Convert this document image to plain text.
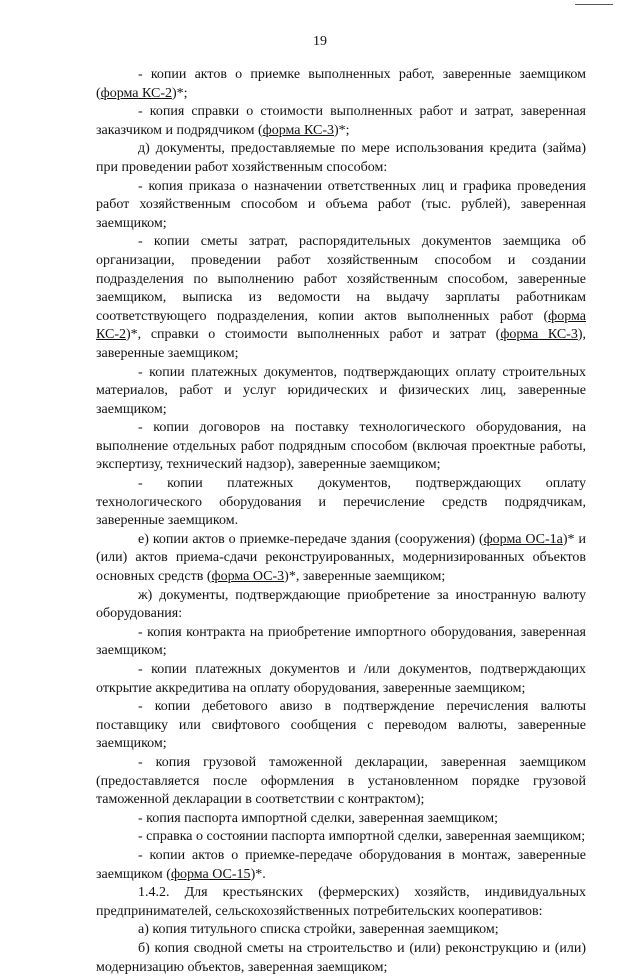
19

- копии актов о приемке выполненных работ, заверенные заемщиком (форма КС-2)*;

- копия справки о стоимости выполненных работ и затрат, заверенная заказчиком и подрядчиком (форма КС-3)*;

д) документы, предоставляемые по мере использования кредита (займа) при проведении работ хозяйственным способом:

- копия приказа о назначении ответственных лиц и графика проведения работ хозяйственным способом и объема работ (тыс. рублей), заверенная заемщиком;

- копии сметы затрат, распорядительных документов заемщика об организации, проведении работ хозяйственным способом и создании подразделения по выполнению работ хозяйственным способом, заверенные заемщиком, выписка из ведомости на выдачу зарплаты работникам соответствующего подразделения, копии актов выполненных работ (форма КС-2)*, справки о стоимости выполненных работ и затрат (форма КС-3), заверенные заемщиком;

- копии платежных документов, подтверждающих оплату строительных материалов, работ и услуг юридических и физических лиц, заверенные заемщиком;

- копии договоров на поставку технологического оборудования, на выполнение отдельных работ подрядным способом (включая проектные работы, экспертизу, технический надзор), заверенные заемщиком;

- копии платежных документов, подтверждающих оплату технологического оборудования и перечисление средств подрядчикам, заверенные заемщиком.

е) копии актов о приемке-передаче здания (сооружения) (форма ОС-1а)* и (или) актов приема-сдачи реконструированных, модернизированных объектов основных средств (форма ОС-3)*, заверенные заемщиком;

ж) документы, подтверждающие приобретение за иностранную валюту оборудования:

- копия контракта на приобретение импортного оборудования, заверенная заемщиком;

- копии платежных документов и /или документов, подтверждающих открытие аккредитива на оплату оборудования, заверенные заемщиком;

- копии дебетового авизо в подтверждение перечисления валюты поставщику или свифтового сообщения с переводом валюты, заверенные заемщиком;

- копия грузовой таможенной декларации, заверенная заемщиком (предоставляется после оформления в установленном порядке грузовой таможенной декларации в соответствии с контрактом);

- копия паспорта импортной сделки, заверенная заемщиком;

- справка о состоянии паспорта импортной сделки, заверенная заемщиком;

- копии актов о приемке-передаче оборудования в монтаж, заверенные заемщиком (форма ОС-15)*.

1.4.2. Для крестьянских (фермерских) хозяйств, индивидуальных предпринимателей, сельскохозяйственных потребительских кооперативов:

а) копия титульного списка стройки, заверенная заемщиком;

б) копия сводной сметы на строительство и (или) реконструкцию и (или) модернизацию объектов, заверенная заемщиком;
